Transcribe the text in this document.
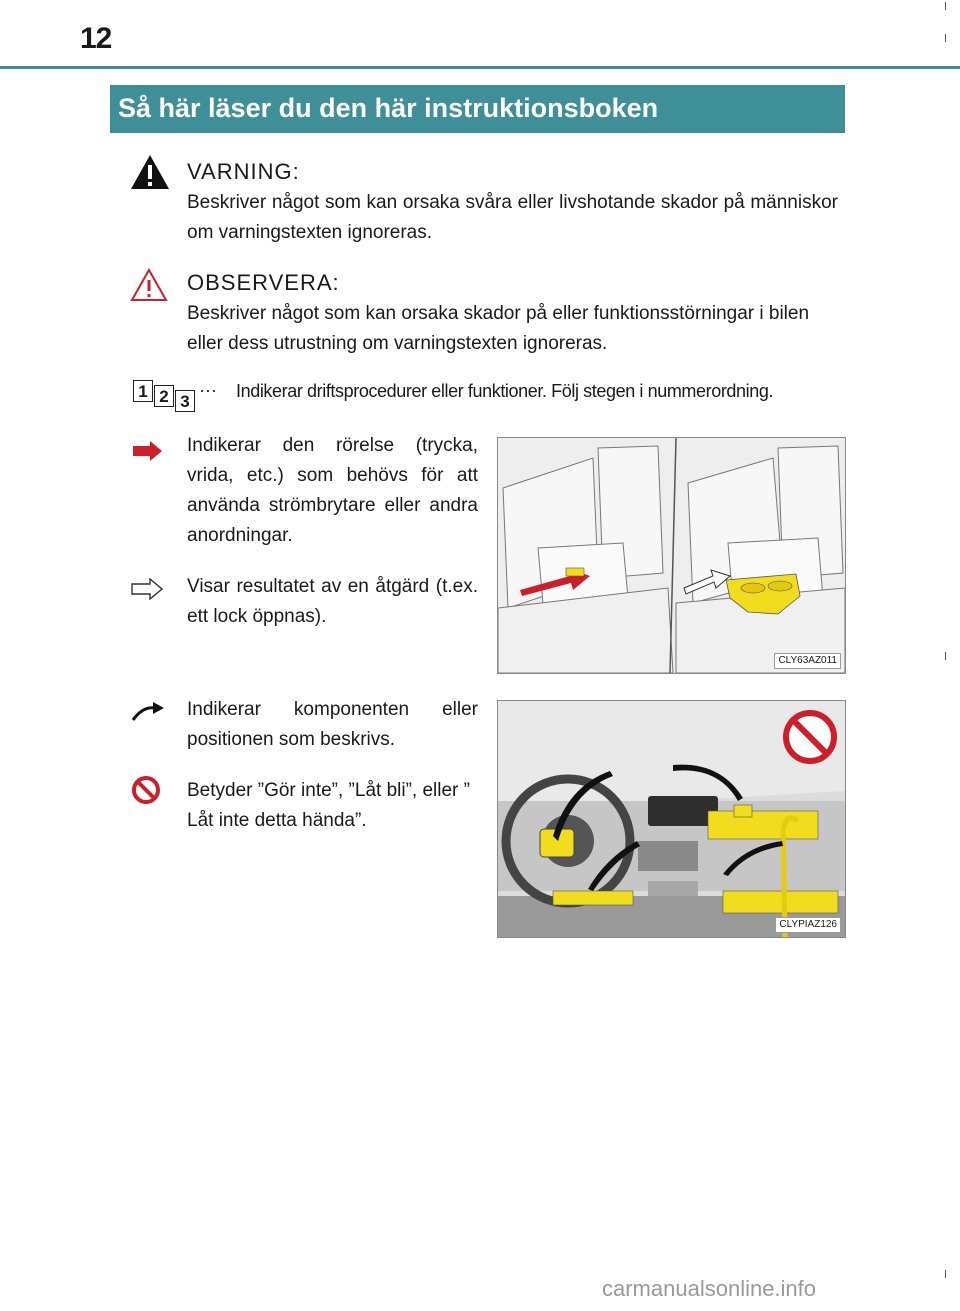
12
Så här läser du den här instruktionsboken
VARNING:
Beskriver något som kan orsaka svåra eller livshotande skador på människor om varningstexten ignoreras.
OBSERVERA:
Beskriver något som kan orsaka skador på eller funktionsstörningar i bilen eller dess utrustning om varningstexten ignoreras.
1 2 3
··· Indikerar driftsprocedurer eller funktioner. Följ stegen i nummerordning.
Indikerar den rörelse (trycka, vrida, etc.) som behövs för att använda strömbrytare eller andra anordningar.
Visar resultatet av en åtgärd (t.ex. ett lock öppnas).
Indikerar komponenten eller positionen som beskrivs.
Betyder ”Gör inte”, ”Låt bli”, eller ” Låt inte detta hända”.
CLY63AZ011
CLYPIAZ126
carmanualsonline.info
